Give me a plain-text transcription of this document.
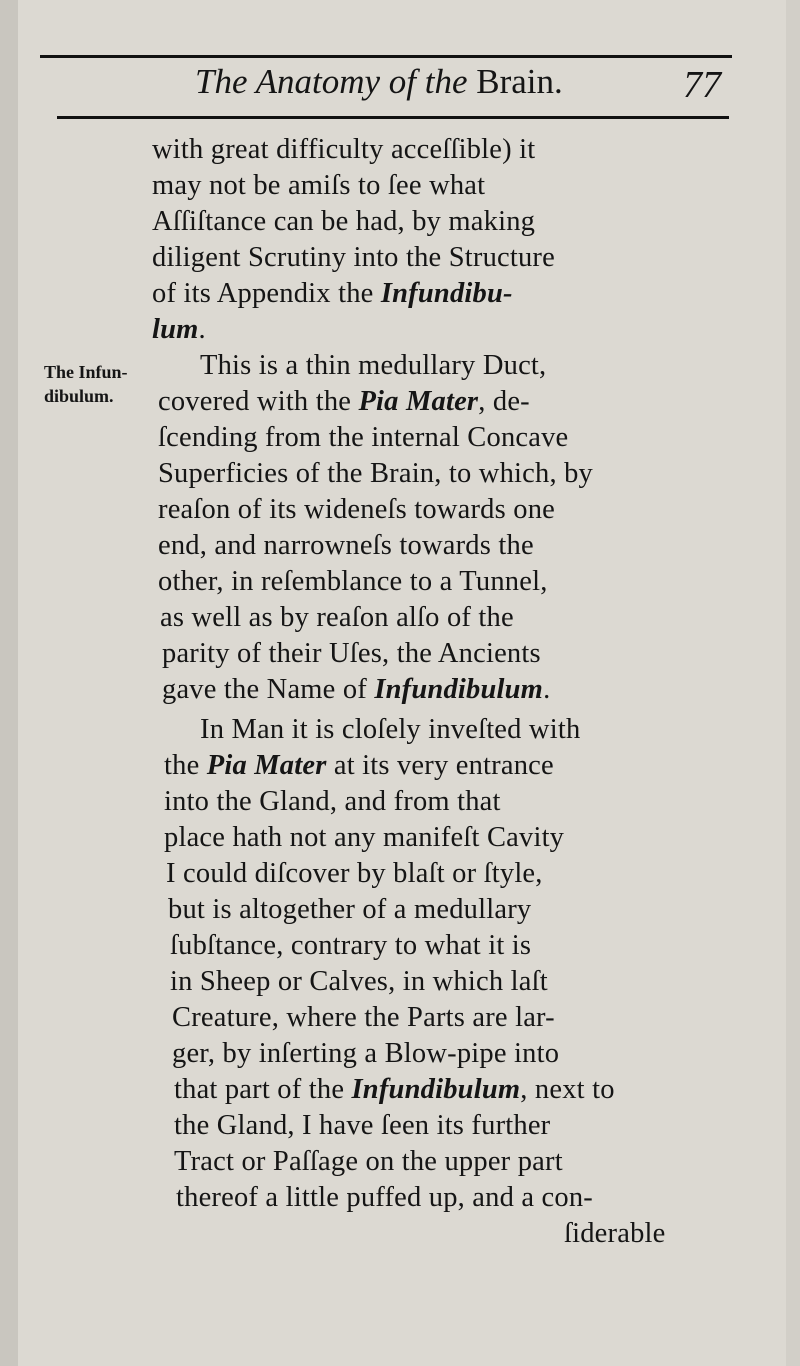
The Anatomy of the Brain.	77
The Infun-
dibulum.
with great difficulty acceſſible) it
may not be amiſs to ſee what
Aſſiſtance can be had, by making
diligent Scrutiny into the Structure
of its Appendix the Infundibu-
lum.
This is a thin medullary Duct,
covered with the Pia Mater, de-
ſcending from the internal Concave
Superficies of the Brain, to which, by
reaſon of its wideneſs towards one
end, and narrowneſs towards the
other, in reſemblance to a Tunnel,
as well as by reaſon alſo of the
parity of their Uſes, the Ancients
gave the Name of Infundibulum.
In Man it is cloſely inveſted with
the Pia Mater at its very entrance
into the Gland, and from that
place hath not any manifeſt Cavity
I could diſcover by blaſt or ſtyle,
but is altogether of a medullary
ſubſtance, contrary to what it is
in Sheep or Calves, in which laſt
Creature, where the Parts are lar-
ger, by inſerting a Blow-pipe into
that part of the Infundibulum, next to
the Gland, I have ſeen its further
Tract or Paſſage on the upper part
thereof a little puffed up, and a con-
ſiderable
